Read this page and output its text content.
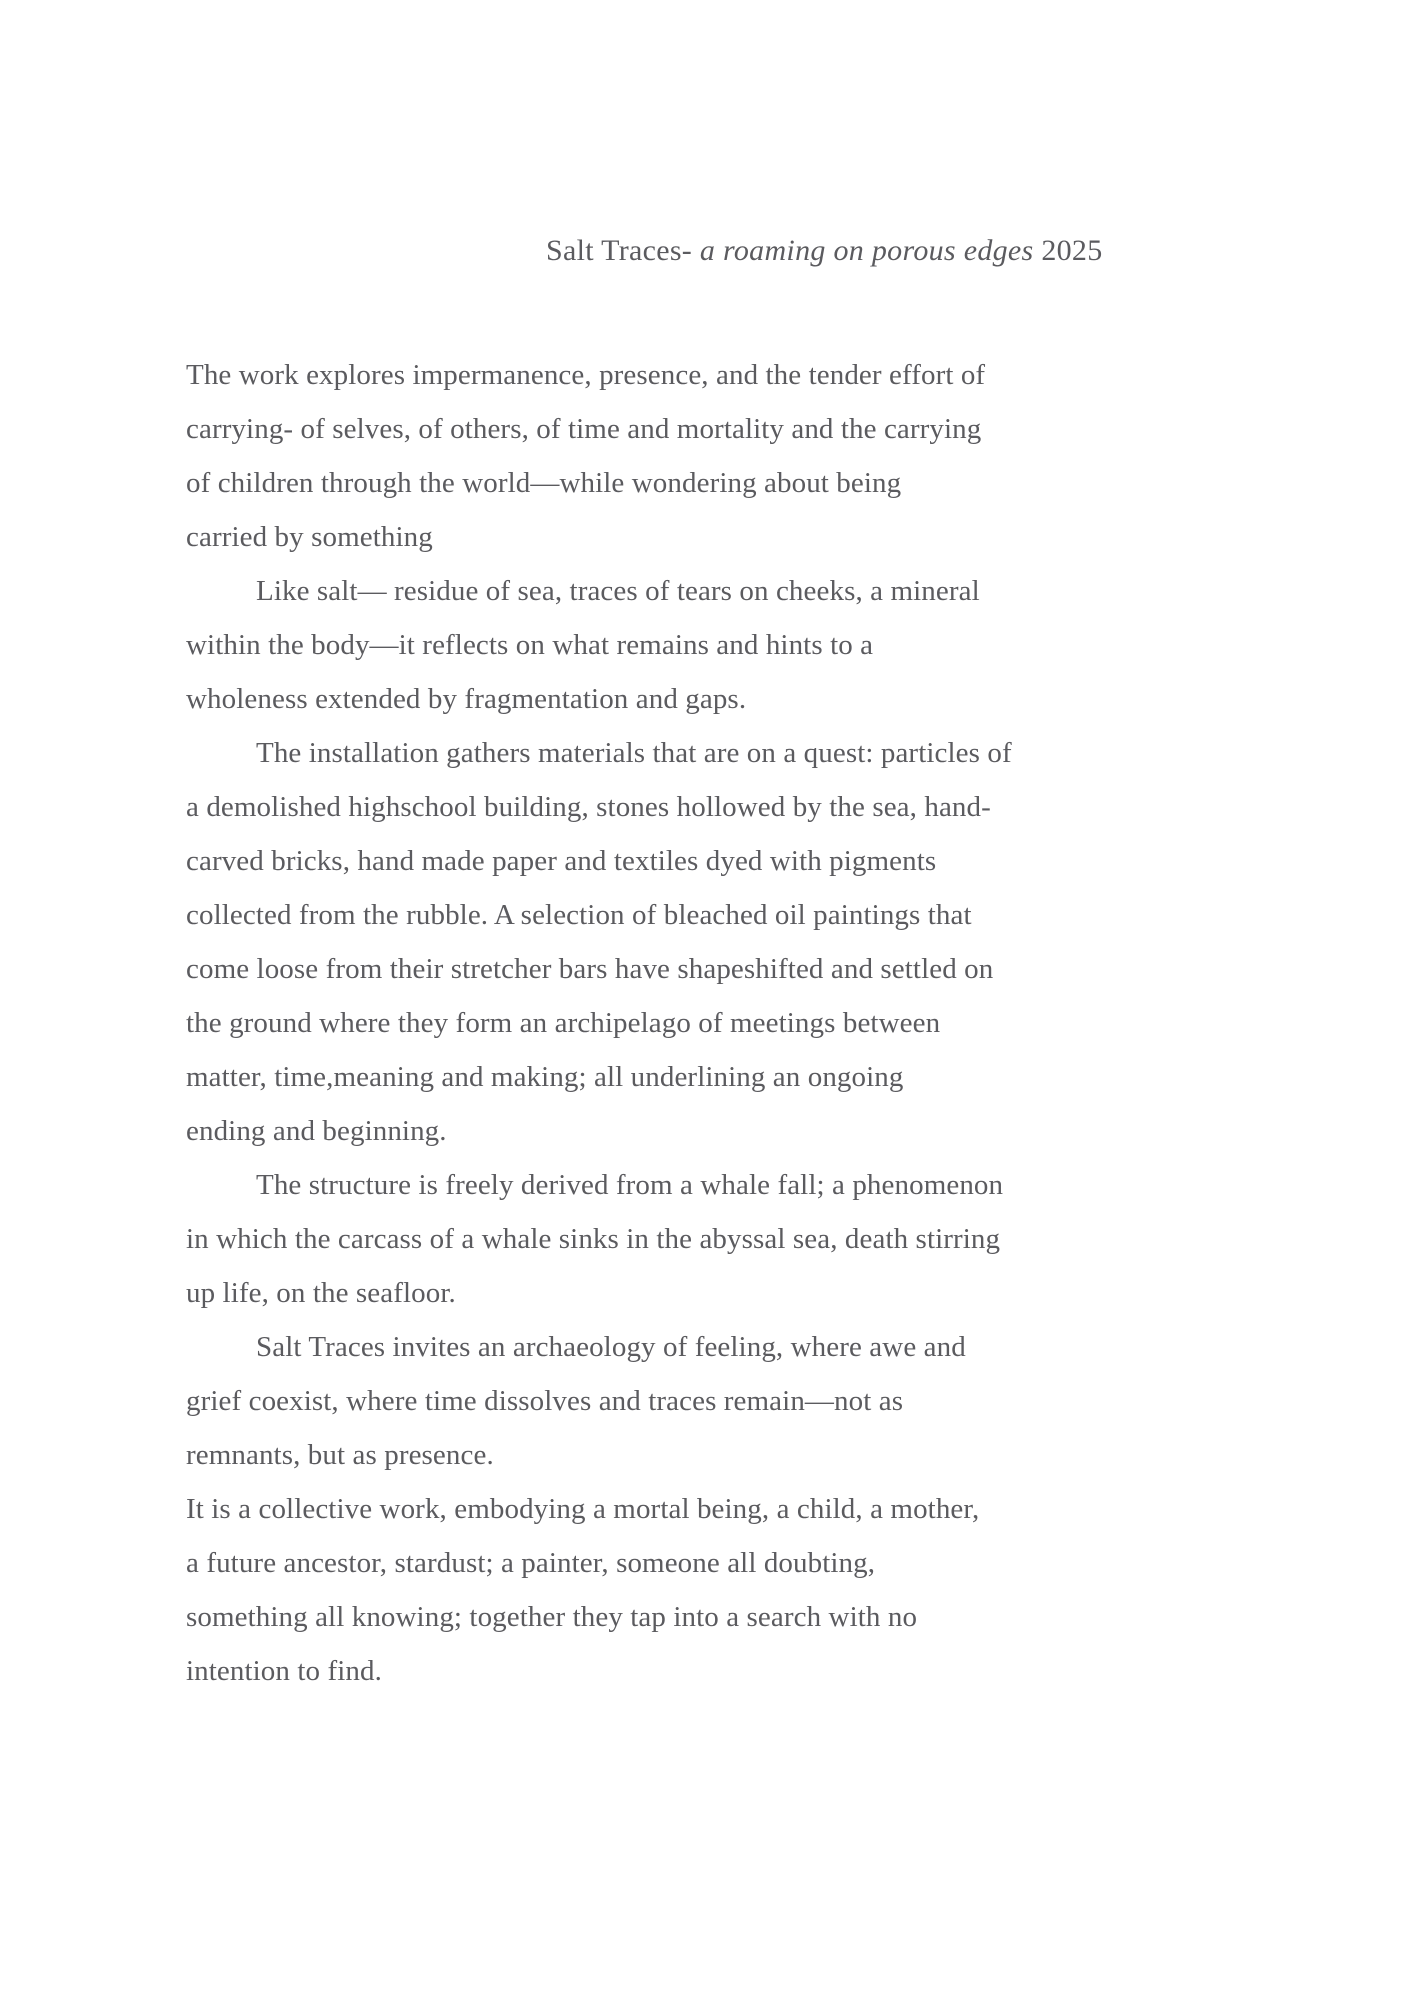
Salt Traces- a roaming on porous edges 2025
The work explores impermanence, presence, and the tender effort of
carrying- of selves, of others, of time and mortality and the carrying
of children through the world—while wondering about being
carried by something
Like salt— residue of sea, traces of tears on cheeks, a mineral
within the body—it reflects on what remains and hints to a
wholeness extended by fragmentation and gaps.
The installation gathers materials that are on a quest: particles of
a demolished highschool building, stones hollowed by the sea, hand-
carved bricks, hand made paper and textiles dyed with pigments
collected from the rubble. A selection of bleached oil paintings that
come loose from their stretcher bars have shapeshifted and settled on
the ground where they form an archipelago of meetings between
matter, time,meaning and making; all underlining an ongoing
ending and beginning.
The structure is freely derived from a whale fall; a phenomenon
in which the carcass of a whale sinks in the abyssal sea, death stirring
up life, on the seafloor.
Salt Traces invites an archaeology of feeling, where awe and
grief coexist, where time dissolves and traces remain—not as
remnants, but as presence.
It is a collective work, embodying a mortal being, a child, a mother,
a future ancestor, stardust; a painter, someone all doubting,
something all knowing; together they tap into a search with no
intention to find.
